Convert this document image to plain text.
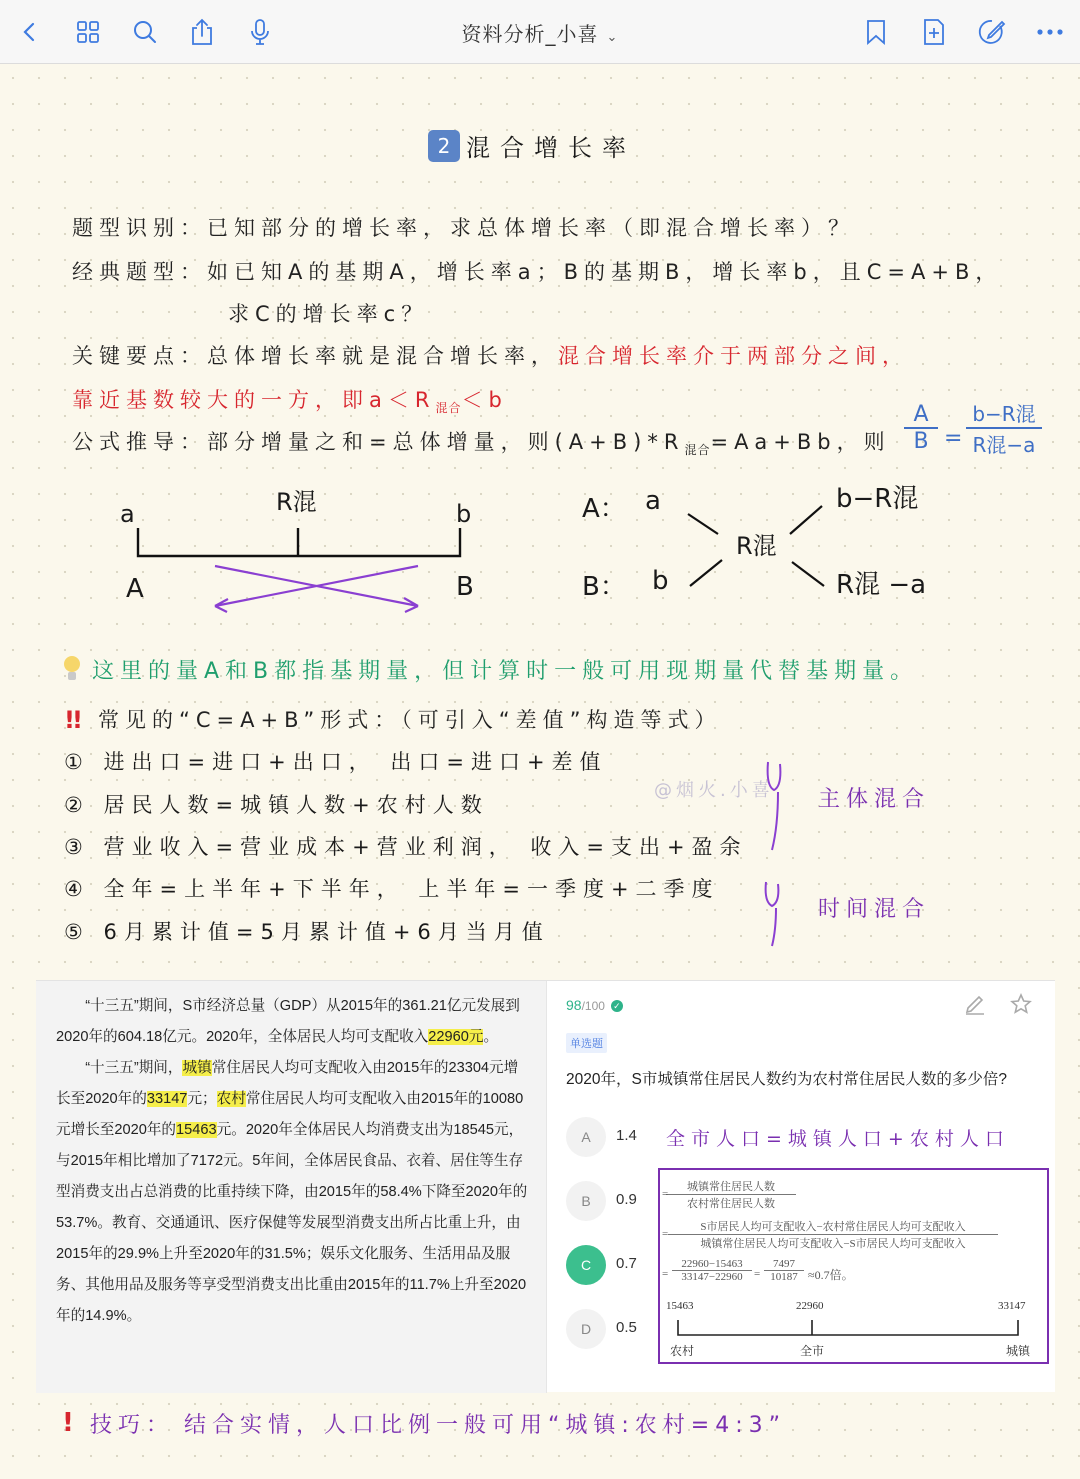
资料分析_小喜 ⌄
2 混合增长率
题型识别：已知部分的增长率，求总体增长率（即混合增长率）？
经典题型：如已知A的基期A，增长率a；B的基期B，增长率b，且C=A+B，
求C的增长率c？
关键要点：总体增长率就是混合增长率，混合增长率介于两部分之间，
靠近基数较大的一方，即$a<R_{混合}<b$
公式推导：部分增量之和=总体增量，则$(A+B)*R_{混合}=Aa+Bb$，则 $\frac{A}{B}$ =
b−R混
R混−a
a	R混	b
A	B
A： a
B： b
R混
b−R混
R混 −a
这里的量A和B都指基期量，但计算时一般可用现期量代替基期量。
!! 常见的“C=A+B”形式：（可引入“差值”构造等式）
① 进出口=进口+出口， 出口=进口+差值
② 居民人数=城镇人数+农村人数
③ 营业收入=营业成本+营业利润， 收入=支出+盈余
④ 全年=上半年+下半年， 上半年=一季度+二季度
⑤ 6月累计值=5月累计值+6月当月值
@烟火.小喜 主体混合
时间混合

“十三五”期间，S市经济总量（GDP）从2015年的361.21亿元发展到2020年的604.18亿元。2020年，全体居民人均可支配收入22960元。

“十三五”期间，城镇常住居民人均可支配收入由2015年的23304元增长至2020年的33147元；农村常住居民人均可支配收入由2015年的10080元增长至2020年的15463元。2020年全体居民人均消费支出为18545元，与2015年相比增加了7172元。5年间，全体居民食品、衣着、居住等生存型消费支出占总消费的比重持续下降，由2015年的58.4%下降至2020年的53.7%。教育、交通通讯、医疗保健等发展型消费支出所占比重上升，由2015年的29.9%上升至2020年的31.5%；娱乐文化服务、生活用品及服务、其他用品及服务等享受型消费支出比重由2015年的11.7%上升至2020年的14.9%。

98/100 ✓
单选题
2020年，S市城镇常住居民人数约为农村常住居民人数的多少倍?
A	1.4
B	0.9
C	0.7
D	0.5
全市人口=城镇人口+农村人口
城镇常住居民人数
农村常住居民人数
=
S市居民人均可支配收入−农村常住居民人均可支配收入
城镇常住居民人均可支配收入−S市居民人均可支配收入
=
$\frac{22960-15463}{33147-22960}$
=	= $\frac{7497}{10187} \approx 0.7$倍。
15463	22960	33147
农村	全市	城镇
! 技巧： 结合实情，人口比例一般可用“城镇:农村=4:3”
